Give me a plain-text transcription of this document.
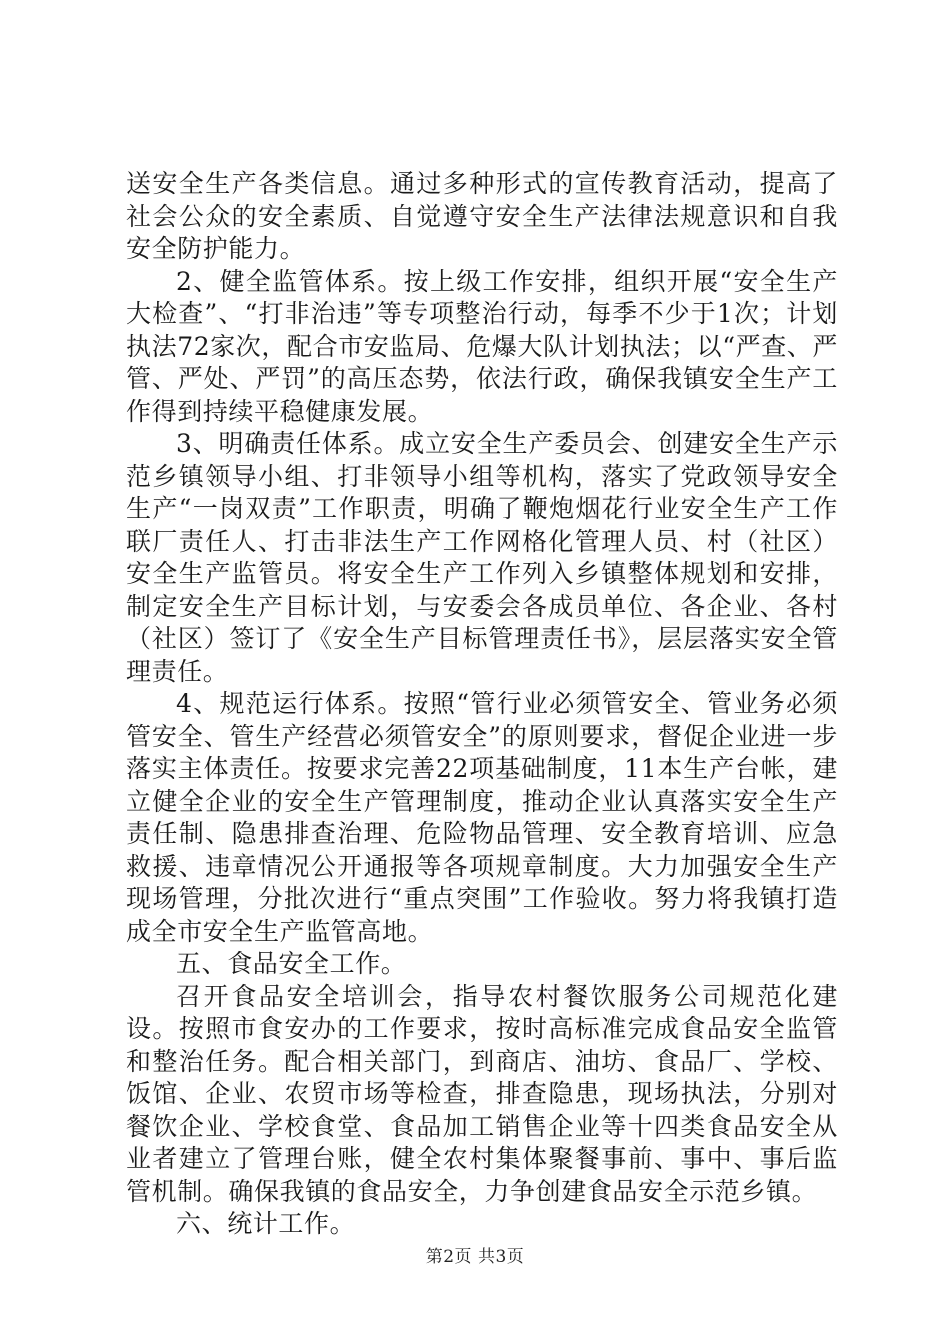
送安全生产各类信息。通过多种形式的宣传教育活动，提高了社会公众的安全素质、自觉遵守安全生产法律法规意识和自我安全防护能力。

2、健全监管体系。按上级工作安排，组织开展“安全生产大检查”、“打非治违”等专项整治行动，每季不少于1次；计划执法72家次，配合市安监局、危爆大队计划执法；以“严查、严管、严处、严罚”的高压态势，依法行政，确保我镇安全生产工作得到持续平稳健康发展。

3、明确责任体系。成立安全生产委员会、创建安全生产示范乡镇领导小组、打非领导小组等机构，落实了党政领导安全生产“一岗双责”工作职责，明确了鞭炮烟花行业安全生产工作联厂责任人、打击非法生产工作网格化管理人员、村（社区）安全生产监管员。将安全生产工作列入乡镇整体规划和安排，制定安全生产目标计划，与安委会各成员单位、各企业、各村（社区）签订了《安全生产目标管理责任书》，层层落实安全管理责任。

4、规范运行体系。按照“管行业必须管安全、管业务必须管安全、管生产经营必须管安全”的原则要求，督促企业进一步落实主体责任。按要求完善22项基础制度，11本生产台帐，建立健全企业的安全生产管理制度，推动企业认真落实安全生产责任制、隐患排查治理、危险物品管理、安全教育培训、应急救援、违章情况公开通报等各项规章制度。大力加强安全生产现场管理，分批次进行“重点突围”工作验收。努力将我镇打造成全市安全生产监管高地。

五、食品安全工作。

召开食品安全培训会，指导农村餐饮服务公司规范化建设。按照市食安办的工作要求，按时高标准完成食品安全监管和整治任务。配合相关部门，到商店、油坊、食品厂、学校、饭馆、企业、农贸市场等检查，排查隐患，现场执法，分别对餐饮企业、学校食堂、食品加工销售企业等十四类食品安全从业者建立了管理台账，健全农村集体聚餐事前、事中、事后监管机制。确保我镇的食品安全，力争创建食品安全示范乡镇。

六、统计工作。

第2页 共3页
